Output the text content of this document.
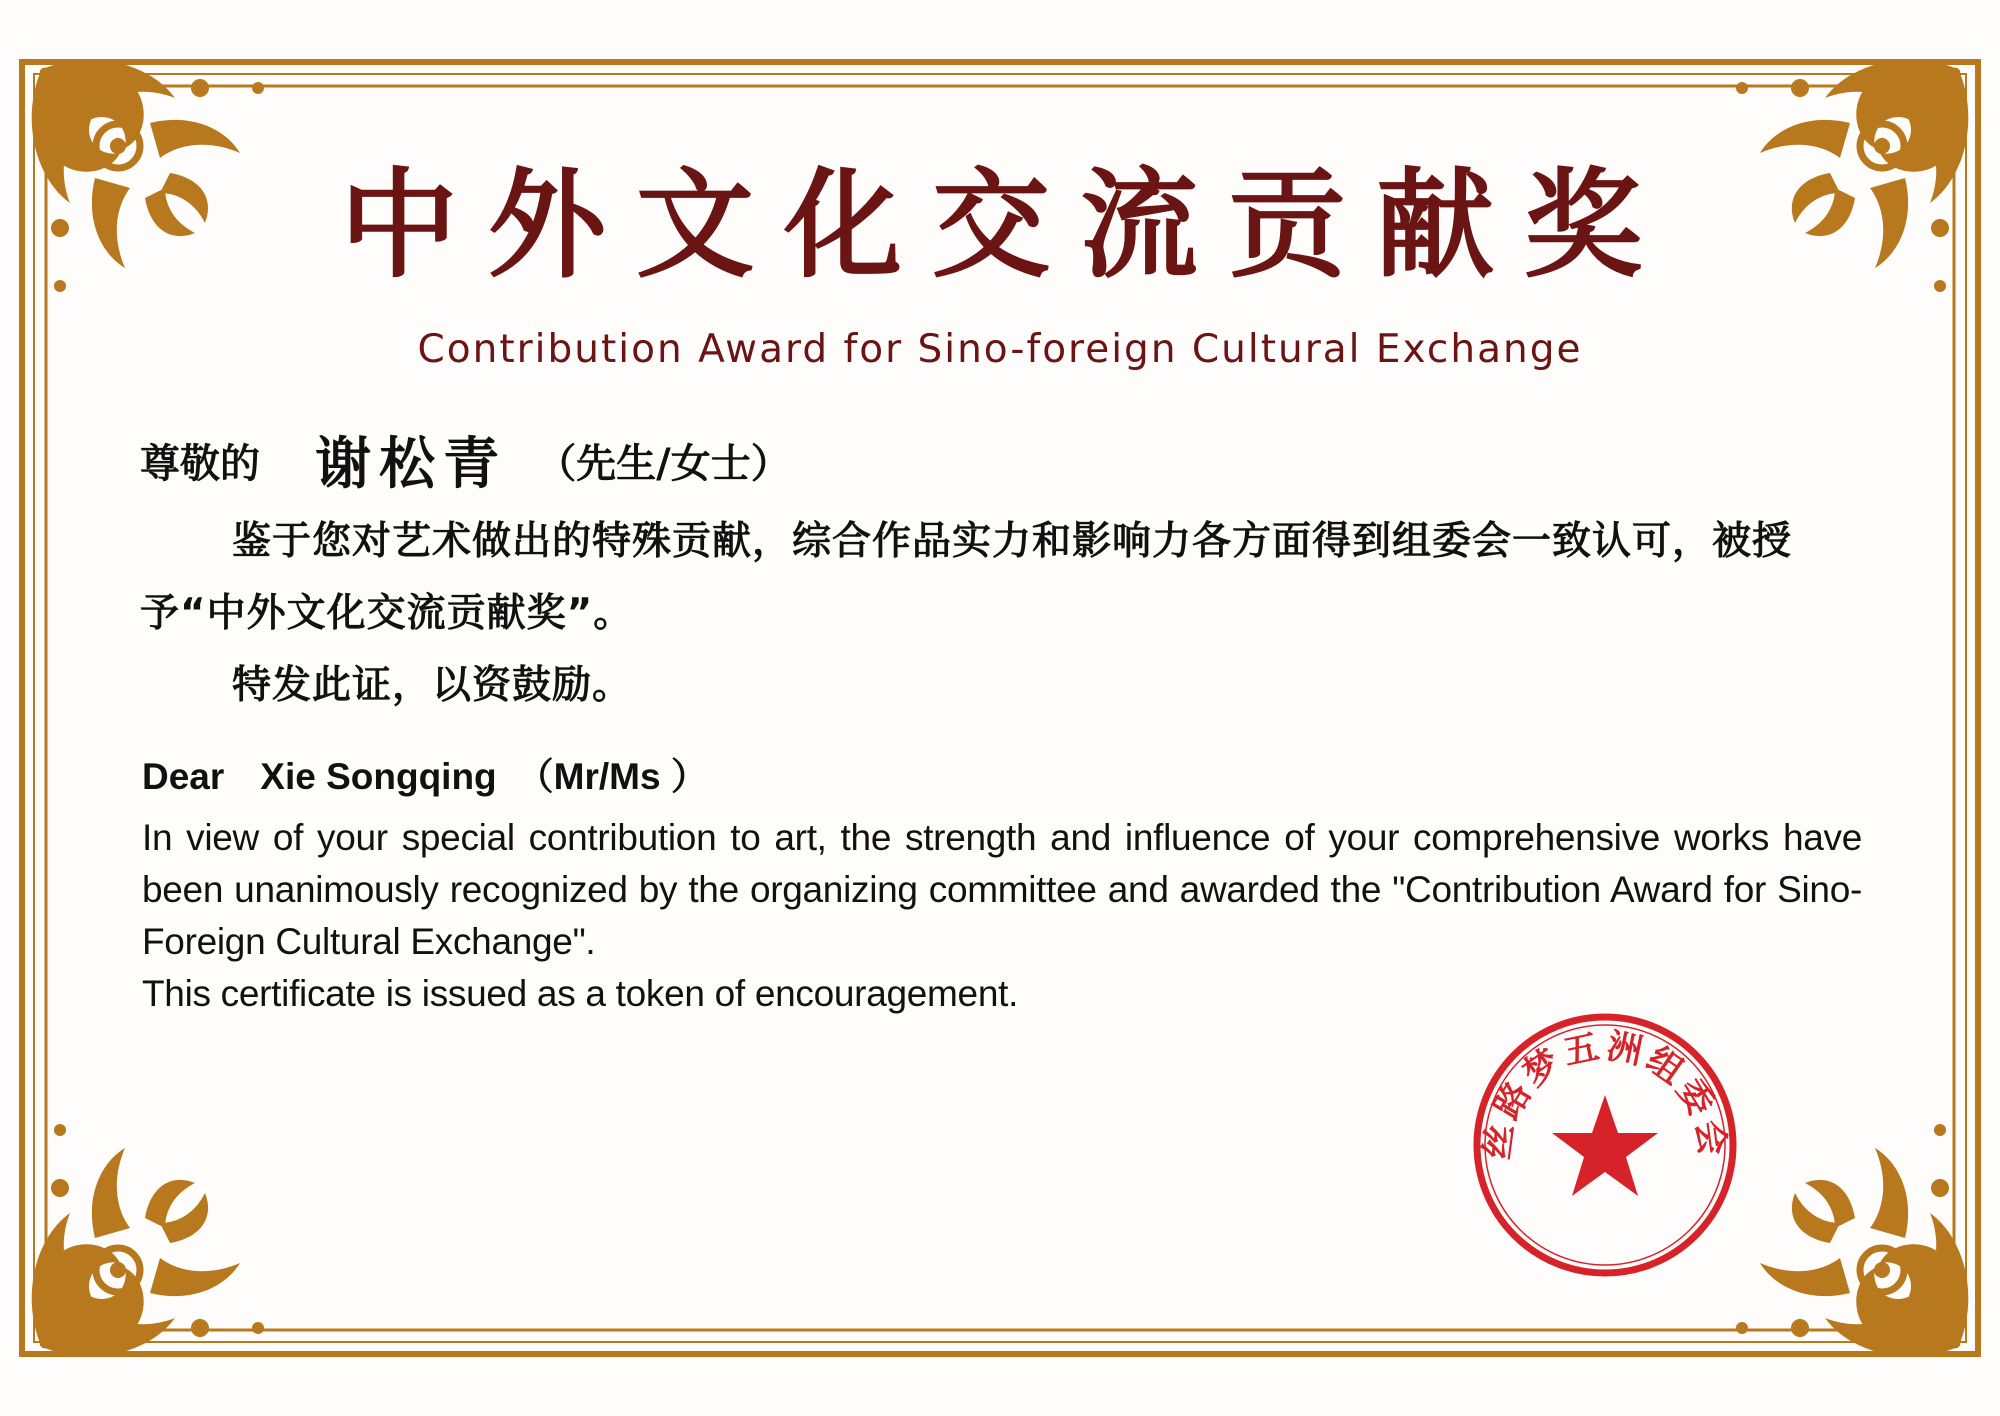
中外文化交流贡献奖
Contribution Award for Sino-foreign Cultural Exchange
尊敬的 谢松青 （先生/女士）

鉴于您对艺术做出的特殊贡献，综合作品实力和影响力各方面得到组委会一致认可，被授予“中外文化交流贡献奖”。

特发此证，以资鼓励。

Dear Xie Songqing （Mr/Ms ）

In view of your special contribution to art, the strength and influence of your comprehensive works have been unanimously recognized by the organizing committee and awarded the "Contribution Award for Sino-Foreign Cultural Exchange".

This certificate is issued as a token of encouragement.

丝路梦五洲组委会
